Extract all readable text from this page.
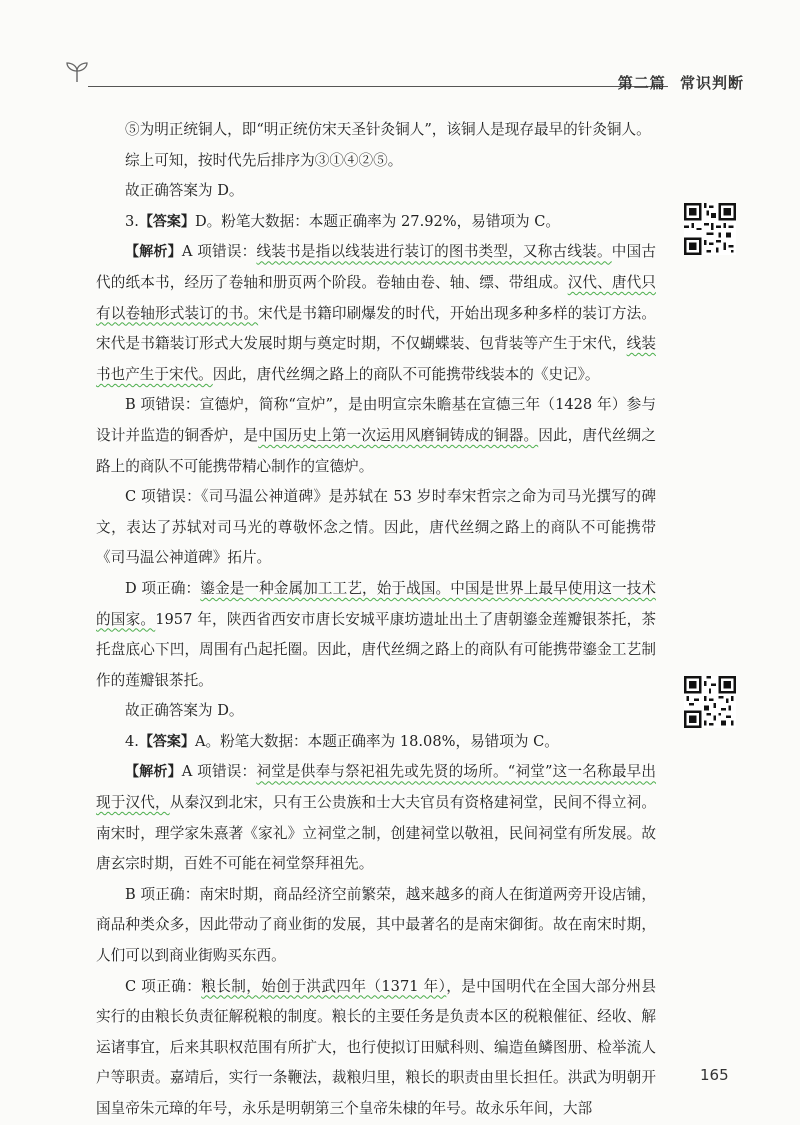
第二篇 常识判断

⑤为明正统铜人，即“明正统仿宋天圣针灸铜人”，该铜人是现存最早的针灸铜人。

综上可知，按时代先后排序为③①④②⑤。

故正确答案为 D。

3.【答案】D。粉笔大数据：本题正确率为 27.92%，易错项为 C。

【解析】A 项错误：线装书是指以线装进行装订的图书类型，又称古线装。中国古代的纸本书，经历了卷轴和册页两个阶段。卷轴由卷、轴、缥、带组成。汉代、唐代只有以卷轴形式装订的书。宋代是书籍印刷爆发的时代，开始出现多种多样的装订方法。宋代是书籍装订形式大发展时期与奠定时期，不仅蝴蝶装、包背装等产生于宋代，线装书也产生于宋代。因此，唐代丝绸之路上的商队不可能携带线装本的《史记》。

B 项错误：宣德炉，简称“宣炉”，是由明宣宗朱瞻基在宣德三年（1428 年）参与设计并监造的铜香炉，是中国历史上第一次运用风磨铜铸成的铜器。因此，唐代丝绸之路上的商队不可能携带精心制作的宣德炉。

C 项错误：《司马温公神道碑》是苏轼在 53 岁时奉宋哲宗之命为司马光撰写的碑文，表达了苏轼对司马光的尊敬怀念之情。因此，唐代丝绸之路上的商队不可能携带《司马温公神道碑》拓片。

D 项正确：鎏金是一种金属加工工艺，始于战国。中国是世界上最早使用这一技术的国家。1957 年，陕西省西安市唐长安城平康坊遗址出土了唐朝鎏金莲瓣银茶托，茶托盘底心下凹，周围有凸起托圈。因此，唐代丝绸之路上的商队有可能携带鎏金工艺制作的莲瓣银茶托。

故正确答案为 D。

4.【答案】A。粉笔大数据：本题正确率为 18.08%，易错项为 C。

【解析】A 项错误：祠堂是供奉与祭祀祖先或先贤的场所。“祠堂”这一名称最早出现于汉代，从秦汉到北宋，只有王公贵族和士大夫官员有资格建祠堂，民间不得立祠。南宋时，理学家朱熹著《家礼》立祠堂之制，创建祠堂以敬祖，民间祠堂有所发展。故唐玄宗时期，百姓不可能在祠堂祭拜祖先。

B 项正确：南宋时期，商品经济空前繁荣，越来越多的商人在街道两旁开设店铺，商品种类众多，因此带动了商业街的发展，其中最著名的是南宋御街。故在南宋时期，人们可以到商业街购买东西。

C 项正确：粮长制，始创于洪武四年（1371 年），是中国明代在全国大部分州县实行的由粮长负责征解税粮的制度。粮长的主要任务是负责本区的税粮催征、经收、解运诸事宜，后来其职权范围有所扩大，也行使拟订田赋科则、编造鱼鳞图册、检举流人户等职责。嘉靖后，实行一条鞭法，裁粮归里，粮长的职责由里长担任。洪武为明朝开国皇帝朱元璋的年号，永乐是明朝第三个皇帝朱棣的年号。故永乐年间，大部

165
